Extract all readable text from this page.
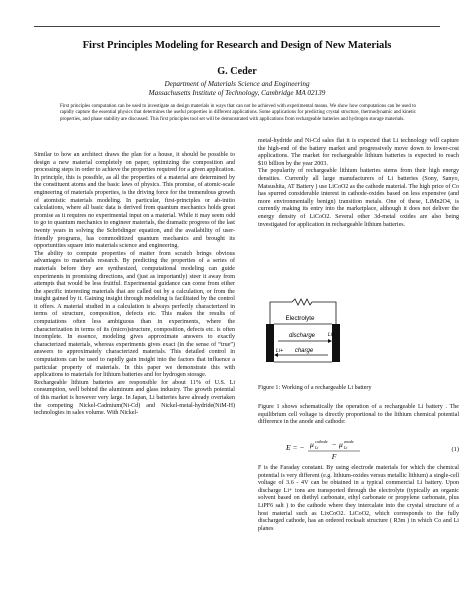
First Principles Modeling for Research and Design of New Materials
G. Ceder
Department of Materials Science and Engineering
Massachusetts Institute of Technology, Cambridge MA 02139
First principles computation can be used to investigate an design materials in ways that can not be achieved with experimental means. We show how computations can be used to rapidly capture the essential physics that determines the useful properties in different applications. Some applications for predicting crystal structure, thermodynamic and kinetic properties, and phase stability are discussed. This first principles tool set will be demonstrated with applications from rechargeable batteries and hydrogen storage materials.

Similar to how an architect draws the plan for a house, it should be possible to design a new material completely on paper, optimizing the composition and processing steps in order to achieve the properties required for a given application. In principle, this is possible, as all the properties of a material are determined by the constituent atoms and the basic laws of physics. This promise, of atomic-scale engineering of materials properties, is the driving force for the tremendous growth of atomistic materials modeling. In particular, first-principles or ab-initio calculations, where all basic data is derived from quantum mechanics holds great promise as it requires no experimental input on a material. While it may seem odd to go to quantum mechanics to engineer materials, the dramatic progress of the last twenty years in solving the Schrödinger equation, and the availability of user-friendly programs, has commoditized quantum mechanics and brought its opportunities square into materials science and engineering.

The ability to compute properties of matter from scratch brings obvious advantages to materials research. By predicting the properties of a series of materials before they are synthesized, computational modeling can guide experiments in promising directions, and (just as importantly) steer it away from attempts that would be less fruitful. Experimental guidance can come from either the specific interesting materials that are called out by a calculation, or from the insight gained by it. Gaining insight through modeling is facilitated by the control it offers. A material studied in a calculation is always perfectly characterized in terms of structure, composition, defects etc. This makes the results of computations often less ambiguous than in experiments, where the characterization in terms of its (micro)structure, composition, defects etc. is often incomplete. In essence, modeling gives approximate answers to exactly characterized materials, whereas experiments gives exact (in the sense of “true”) answers to approximately characterized materials. This detailed control in computations can be used to rapidly gain insight into the factors that influence a particular property of materials. In this paper we demonstrate this with applications to materials for lithium batteries and for hydrogen storage.

Rechargeable lithium batteries are responsible for about 11% of U.S. Li consumption, well behind the aluminum and glass industry. The growth potential of this market is however very large. In Japan, Li batteries have already overtaken the competing Nickel-Cadmium(Ni-Cd) and Nickel-metal-hydride(NiM-H) technologies in sales volume. With Nickel-

metal-hydride and Ni-Cd sales flat it is expected that Li technology will capture the high-end of the battery market and progressively move down to lower-cost applications. The market for rechargeable lithium batteries is expected to reach $10 billion by the year 2003.

The popularity of rechargeable lithium batteries stems from their high energy densities. Currently all large manufacturers of Li batteries (Sony, Sanyo, Matsushita, AT Battery ) use LiCoO2 as the cathode material. The high price of Co has spurred considerable interest in cathode-oxides based on less expensive (and more environmentally benign) transition metals. One of these, LiMn2O4, is currently making its entry into the marketplace, although it does not deliver the energy density of LiCoO2. Several other 3d-metal oxides are also being investigated for application in rechargeable lithium batteries.

Electrolyte
discharge Li+
charge
Li+
Figure 1: Working of a rechargeable Li battery

Figure 1 shows schematically the operation of a rechargeable Li battery . The equilibrium cell voltage is directly proportional to the lithium chemical potential difference in the anode and cathode:

E = − μ cathode
Li − μ anode
Li
F
(1)

F is the Faraday constant. By using electrode materials for which the chemical potential is very different (e.g. lithium-oxides versus metallic lithium) a single-cell voltage of 3.6 - 4V can be obtained in a typical commercial Li battery. Upon discharge Li+ ions are transported through the electrolyte (typically an organic solvent based on diethyl carbonate, ethyl carbonate or propylene carbonate, plus LiPF6 salt ) to the cathode where they intercalate into the crystal structure of a host material such as LixCoO2. LiCoO2, which corresponds to the fully discharged cathode, has an ordered rocksalt structure ( R3m ) in which Co and Li planes
